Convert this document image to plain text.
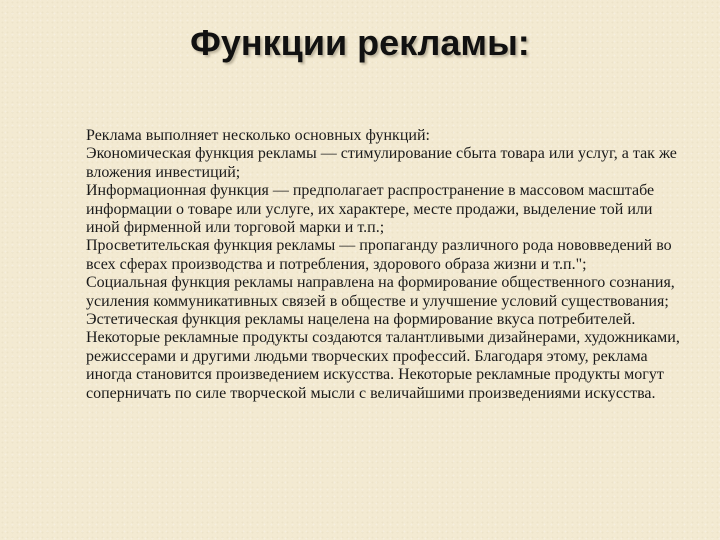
Функции рекламы:

Реклама выполняет несколько основных функций:

Экономическая функция рекламы — стимулирование сбыта товара или услуг, а так же вложения инвестиций;

Информационная функция — предполагает распространение в массовом масштабе информации о товаре или услуге, их характере, месте продажи, выделение той или иной фирменной или торговой марки и т.п.;

Просветительская функция рекламы — пропаганду различного рода нововведений во всех сферах производства и потребления, здорового образа жизни и т.п.";

Социальная функция рекламы направлена на формирование общественного сознания, усиления коммуникативных связей в обществе и улучшение условий существования;

Эстетическая функция рекламы нацелена на формирование вкуса потребителей. Некоторые рекламные продукты создаются талантливыми дизайнерами, художниками, режиссерами и другими людьми творческих профессий. Благодаря этому, реклама иногда становится произведением искусства. Некоторые рекламные продукты могут соперничать по силе творческой мысли с величайшими произведениями искусства.
